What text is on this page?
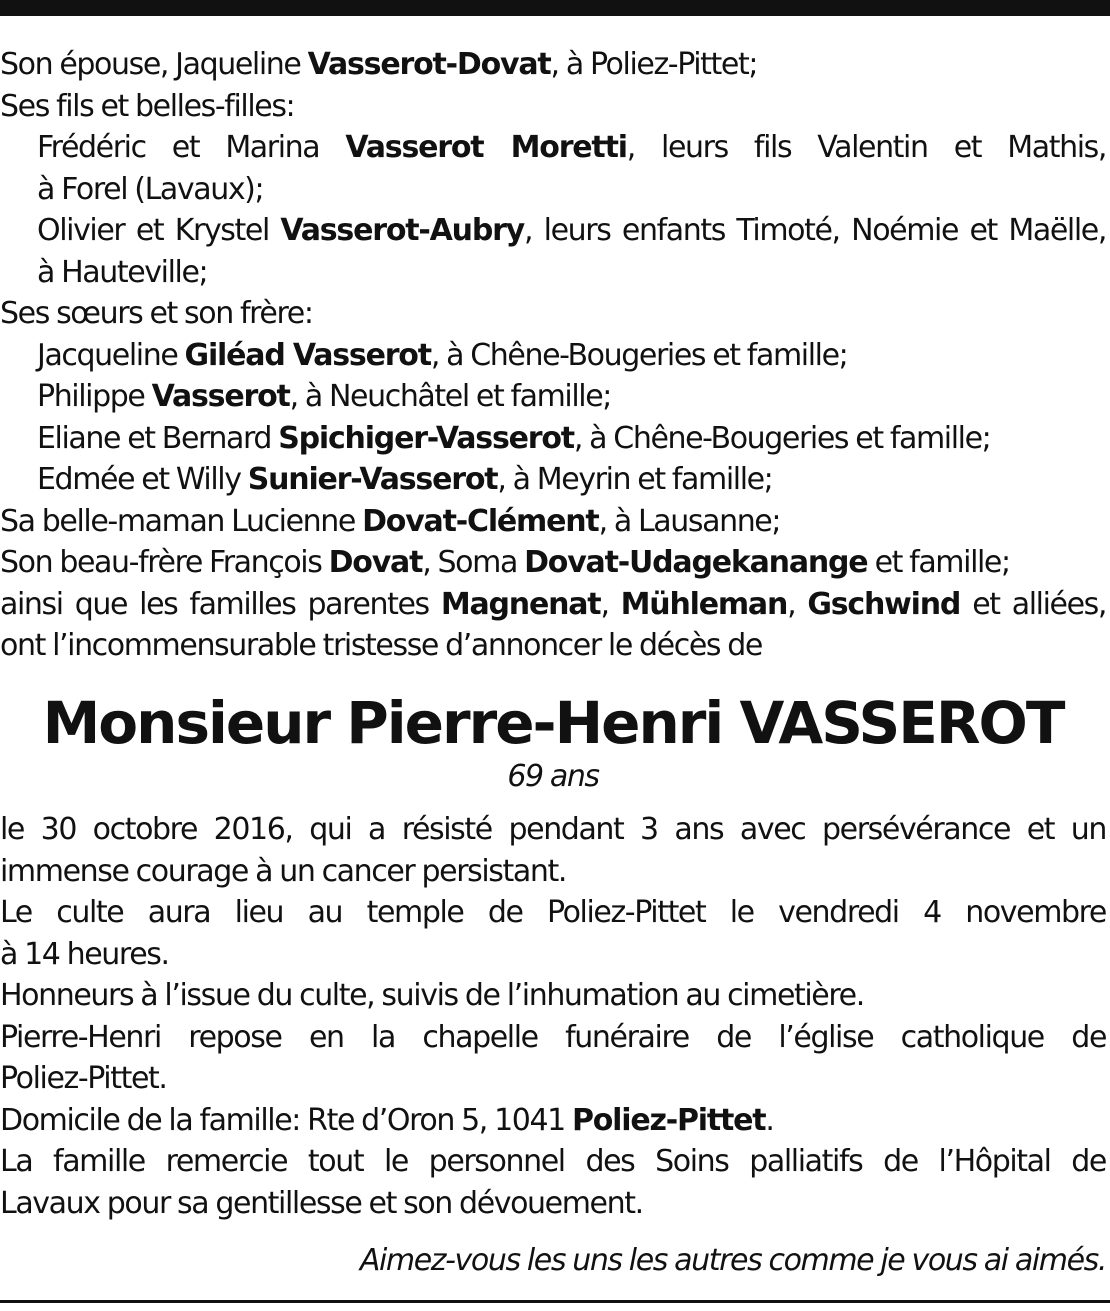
Son épouse, Jaqueline Vasserot-Dovat, à Poliez-Pittet;
Ses fils et belles-filles:
Frédéric et Marina Vasserot Moretti, leurs fils Valentin et Mathis,
à Forel (Lavaux);
Olivier et Krystel Vasserot-Aubry, leurs enfants Timoté, Noémie et Maëlle,
à Hauteville;
Ses sœurs et son frère:
Jacqueline Giléad Vasserot, à Chêne-Bougeries et famille;
Philippe Vasserot, à Neuchâtel et famille;
Eliane et Bernard Spichiger-Vasserot, à Chêne-Bougeries et famille;
Edmée et Willy Sunier-Vasserot, à Meyrin et famille;
Sa belle-maman Lucienne Dovat-Clément, à Lausanne;
Son beau-frère François Dovat, Soma Dovat-Udagekanange et famille;
ainsi que les familles parentes Magnenat, Mühleman, Gschwind et alliées,
ont l’incommensurable tristesse d’annoncer le décès de
Monsieur Pierre-Henri VASSEROT
69 ans
le 30 octobre 2016, qui a résisté pendant 3 ans avec persévérance et un
immense courage à un cancer persistant.
Le culte aura lieu au temple de Poliez-Pittet le vendredi 4 novembre
à 14 heures.
Honneurs à l’issue du culte, suivis de l’inhumation au cimetière.
Pierre-Henri repose en la chapelle funéraire de l’église catholique de
Poliez-Pittet.
Domicile de la famille: Rte d’Oron 5, 1041 Poliez-Pittet.
La famille remercie tout le personnel des Soins palliatifs de l’Hôpital de
Lavaux pour sa gentillesse et son dévouement.
Aimez-vous les uns les autres comme je vous ai aimés.
